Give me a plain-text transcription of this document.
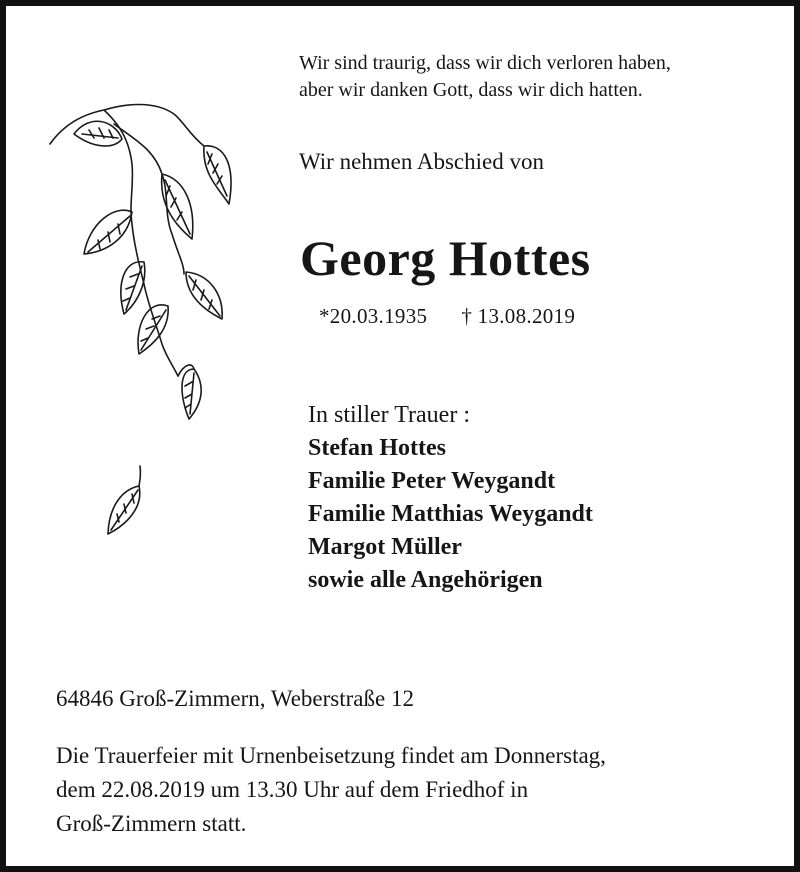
Wir sind traurig, dass wir dich verloren haben,
aber wir danken Gott, dass wir dich hatten.

Wir nehmen Abschied von

Georg Hottes
*20.03.1935 † 13.08.2019
In stiller Trauer :
Stefan Hottes
Familie Peter Weygandt
Familie Matthias Weygandt
Margot Müller
sowie alle Angehörigen

64846 Groß-Zimmern, Weberstraße 12

Die Trauerfeier mit Urnenbeisetzung findet am Donnerstag,
dem 22.08.2019 um 13.30 Uhr auf dem Friedhof in
Groß-Zimmern statt.
